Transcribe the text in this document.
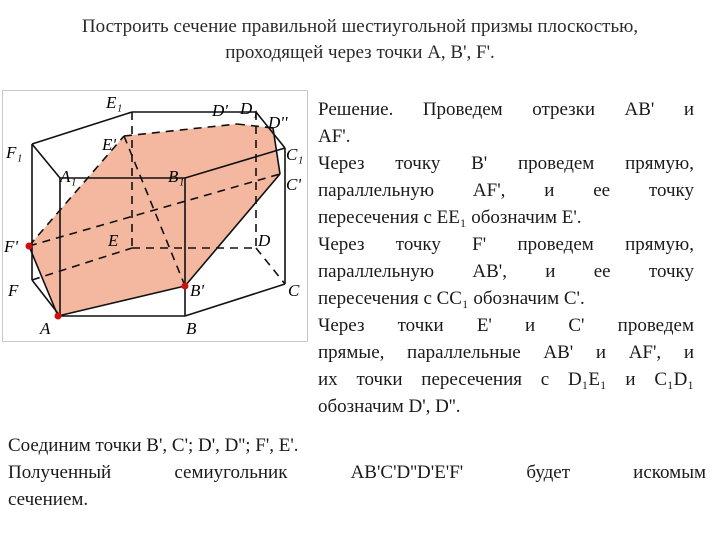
Построить сечение правильной шестиугольной призмы плоскостью,
проходящей через точки A, B', F'.
E₁	D' D₁
D''
F₁	E'
C₁
A₁	B₁	C'
F'	E	D
F	B'	C
A	B

Решение. Проведем отрезки AB' и

AF'.

Через точку B' проведем прямую,

параллельную AF', и ее точку

пересечения с EE₁ обозначим E'.

Через точку F' проведем прямую,

параллельную AB', и ее точку

пересечения с CC₁ обозначим C'.

Через точки E' и C' проведем

прямые, параллельные AB' и AF', и

их точки пересечения с D₁E₁ и C₁D₁

обозначим D', D''.

Соединим точки B', C'; D', D''; F', E'.

Полученный семиугольник AB'C'D''D'E'F' будет искомым

сечением.
